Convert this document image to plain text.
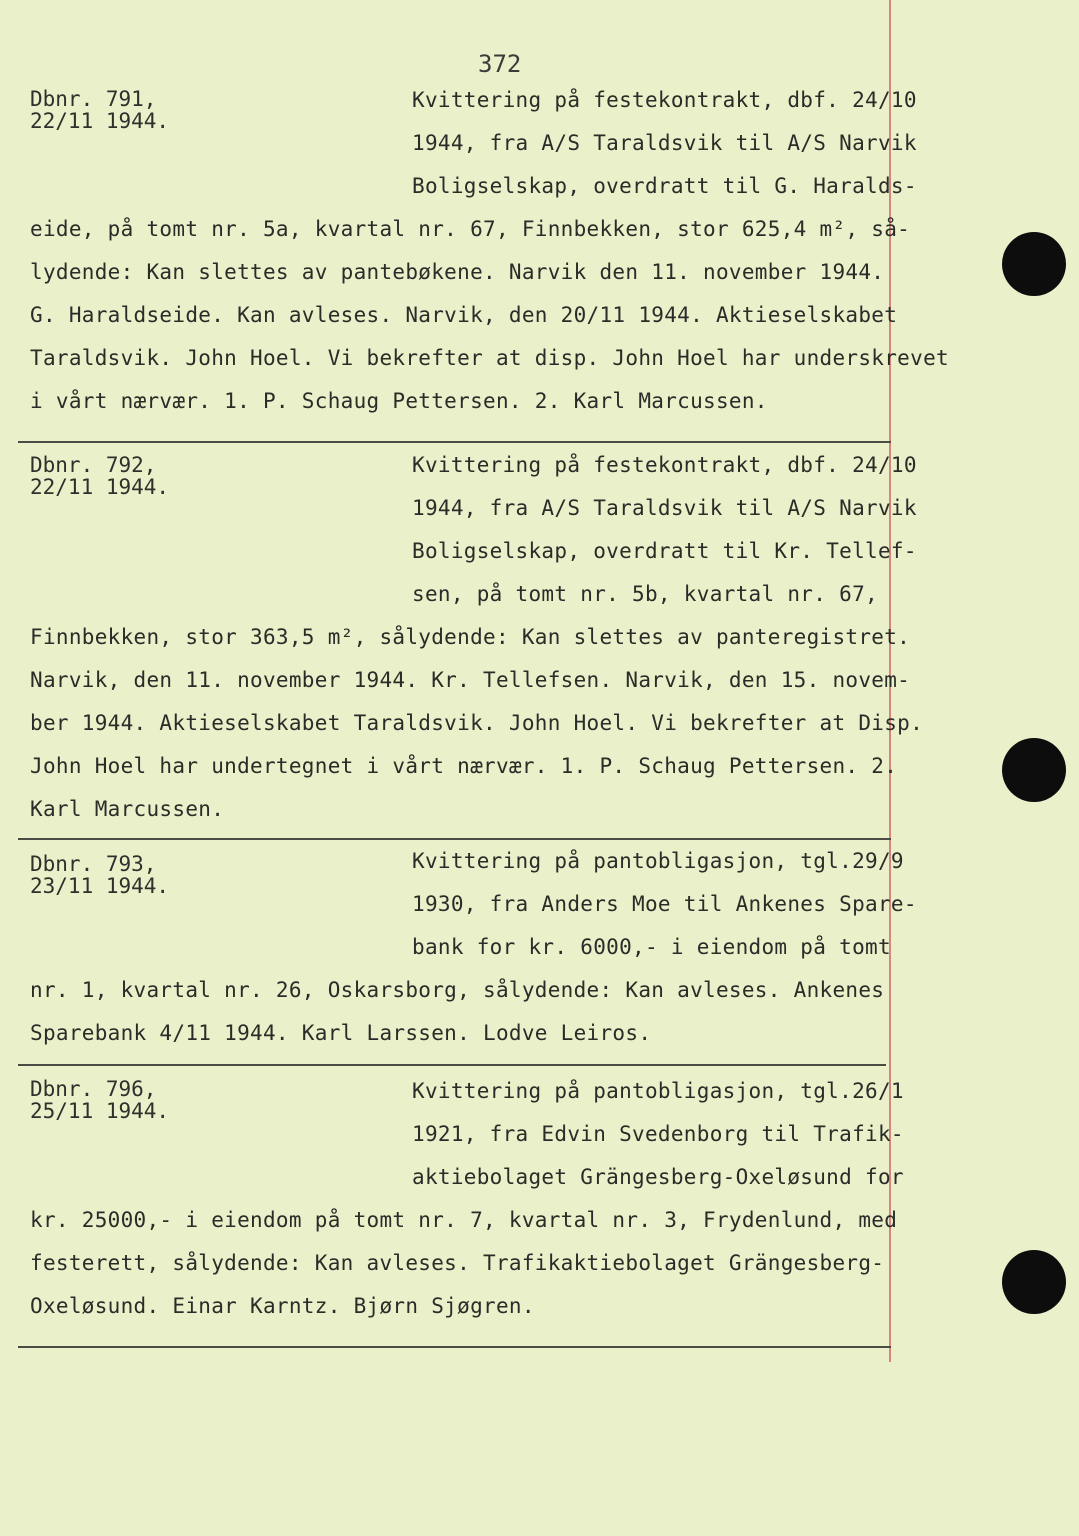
372
Dbnr. 791,
22/11 1944.
Kvittering på festekontrakt, dbf. 24/10
1944, fra A/S Taraldsvik til A/S Narvik
Boligselskap, overdratt til G. Haralds-
eide, på tomt nr. 5a, kvartal nr. 67, Finnbekken, stor 625,4 m², så-
lydende: Kan slettes av pantebøkene. Narvik den 11. november 1944.
G. Haraldseide. Kan avleses. Narvik, den 20/11 1944. Aktieselskabet
Taraldsvik. John Hoel. Vi bekrefter at disp. John Hoel har underskrevet
i vårt nærvær. 1. P. Schaug Pettersen. 2. Karl Marcussen.
Dbnr. 792,
22/11 1944.
Kvittering på festekontrakt, dbf. 24/10
1944, fra A/S Taraldsvik til A/S Narvik
Boligselskap, overdratt til Kr. Tellef-
sen, på tomt nr. 5b, kvartal nr. 67,
Finnbekken, stor 363,5 m², sålydende: Kan slettes av panteregistret.
Narvik, den 11. november 1944. Kr. Tellefsen. Narvik, den 15. novem-
ber 1944. Aktieselskabet Taraldsvik. John Hoel. Vi bekrefter at Disp.
John Hoel har undertegnet i vårt nærvær. 1. P. Schaug Pettersen. 2.
Karl Marcussen.
Dbnr. 793,
23/11 1944.
Kvittering på pantobligasjon, tgl.29/9
1930, fra Anders Moe til Ankenes Spare-
bank for kr. 6000,- i eiendom på tomt
nr. 1, kvartal nr. 26, Oskarsborg, sålydende: Kan avleses. Ankenes
Sparebank 4/11 1944. Karl Larssen. Lodve Leiros.
Dbnr. 796,
25/11 1944.
Kvittering på pantobligasjon, tgl.26/1
1921, fra Edvin Svedenborg til Trafik-
aktiebolaget Grängesberg-Oxeløsund for
kr. 25000,- i eiendom på tomt nr. 7, kvartal nr. 3, Frydenlund, med
festerett, sålydende: Kan avleses. Trafikaktiebolaget Grängesberg-
Oxeløsund. Einar Karntz. Bjørn Sjøgren.
